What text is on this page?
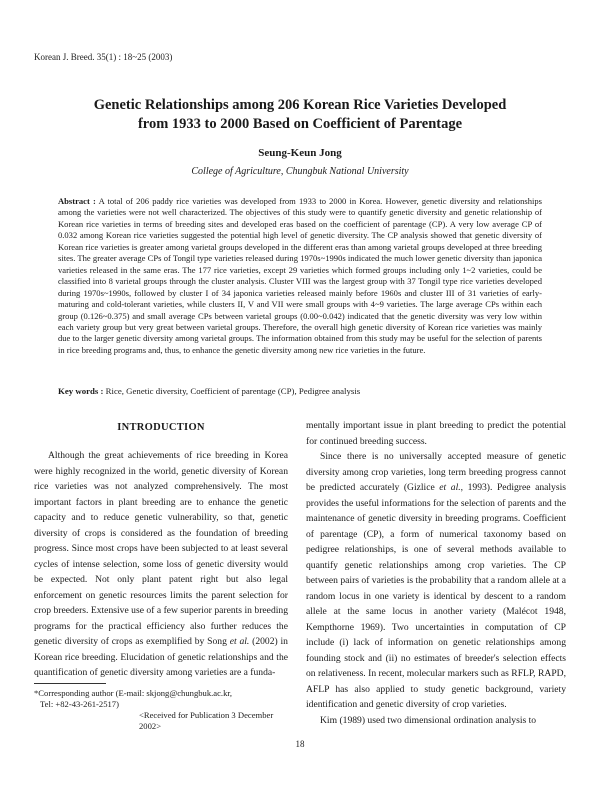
Korean J. Breed. 35(1) : 18~25 (2003)
Genetic Relationships among 206 Korean Rice Varieties Developed
from 1933 to 2000 Based on Coefficient of Parentage
Seung-Keun Jong
College of Agriculture, Chungbuk National University

Abstract : A total of 206 paddy rice varieties was developed from 1933 to 2000 in Korea. However, genetic diversity and relationships among the varieties were not well characterized. The objectives of this study were to quantify genetic diversity and genetic relationship of Korean rice varieties in terms of breeding sites and developed eras based on the coefficient of parentage (CP). A very low average CP of 0.032 among Korean rice varieties suggested the potential high level of genetic diversity. The CP analysis showed that genetic diversity of Korean rice varieties is greater among varietal groups developed in the different eras than among varietal groups developed at three breeding sites. The greater average CPs of Tongil type varieties released during 1970s~1990s indicated the much lower genetic diversity than japonica varieties released in the same eras. The 177 rice varieties, except 29 varieties which formed groups including only 1~2 varieties, could be classified into 8 varietal groups through the cluster analysis. Cluster VIII was the largest group with 37 Tongil type rice varieties developed during 1970s~1990s, followed by cluster I of 34 japonica varieties released mainly before 1960s and cluster III of 31 varieties of early-maturing and cold-tolerant varieties, while clusters II, V and VII were small groups with 4~9 varieties. The large average CPs within each group (0.126~0.375) and small average CPs between varietal groups (0.00~0.042) indicated that the genetic diversity was very low within each variety group but very great between varietal groups. Therefore, the overall high genetic diversity of Korean rice varieties was mainly due to the larger genetic diversity among varietal groups. The information obtained from this study may be useful for the selection of parents in rice breeding programs and, thus, to enhance the genetic diversity among new rice varieties in the future.

Key words : Rice, Genetic diversity, Coefficient of parentage (CP), Pedigree analysis
INTRODUCTION

Although the great achievements of rice breeding in Korea were highly recognized in the world, genetic diversity of Korean rice varieties was not analyzed comprehensively. The most important factors in plant breeding are to enhance the genetic capacity and to reduce genetic vulnerability, so that, genetic diversity of crops is considered as the foundation of breeding progress. Since most crops have been subjected to at least several cycles of intense selection, some loss of genetic diversity would be expected. Not only plant patent right but also legal enforcement on genetic resources limits the parent selection for crop breeders. Extensive use of a few superior parents in breeding programs for the practical efficiency also further reduces the genetic diversity of crops as exemplified by Song et al. (2002) in Korean rice breeding. Elucidation of genetic relationships and the quantification of genetic diversity among varieties are a funda-

mentally important issue in plant breeding to predict the potential for continued breeding success.

Since there is no universally accepted measure of genetic diversity among crop varieties, long term breeding progress cannot be predicted accurately (Gizlice et al., 1993). Pedigree analysis provides the useful informations for the selection of parents and the maintenance of genetic diversity in breeding programs. Coefficient of parentage (CP), a form of numerical taxonomy based on pedigree relationships, is one of several methods available to quantify genetic relationships among crop varieties. The CP between pairs of varieties is the probability that a random allele at a random locus in one variety is identical by descent to a random allele at the same locus in another variety (Malécot 1948, Kempthorne 1969). Two uncertainties in computation of CP include (i) lack of information on genetic relationships among founding stock and (ii) no estimates of breeder's selection effects on relativeness. In recent, molecular markers such as RFLP, RAPD, AFLP has also applied to study genetic background, variety identification and genetic diversity of crop varieties.

Kim (1989) used two dimensional ordination analysis to

*Corresponding author (E-mail: skjong@chungbuk.ac.kr,
Tel: +82-43-261-2517)
<Received for Publication 3 December 2002>
18
